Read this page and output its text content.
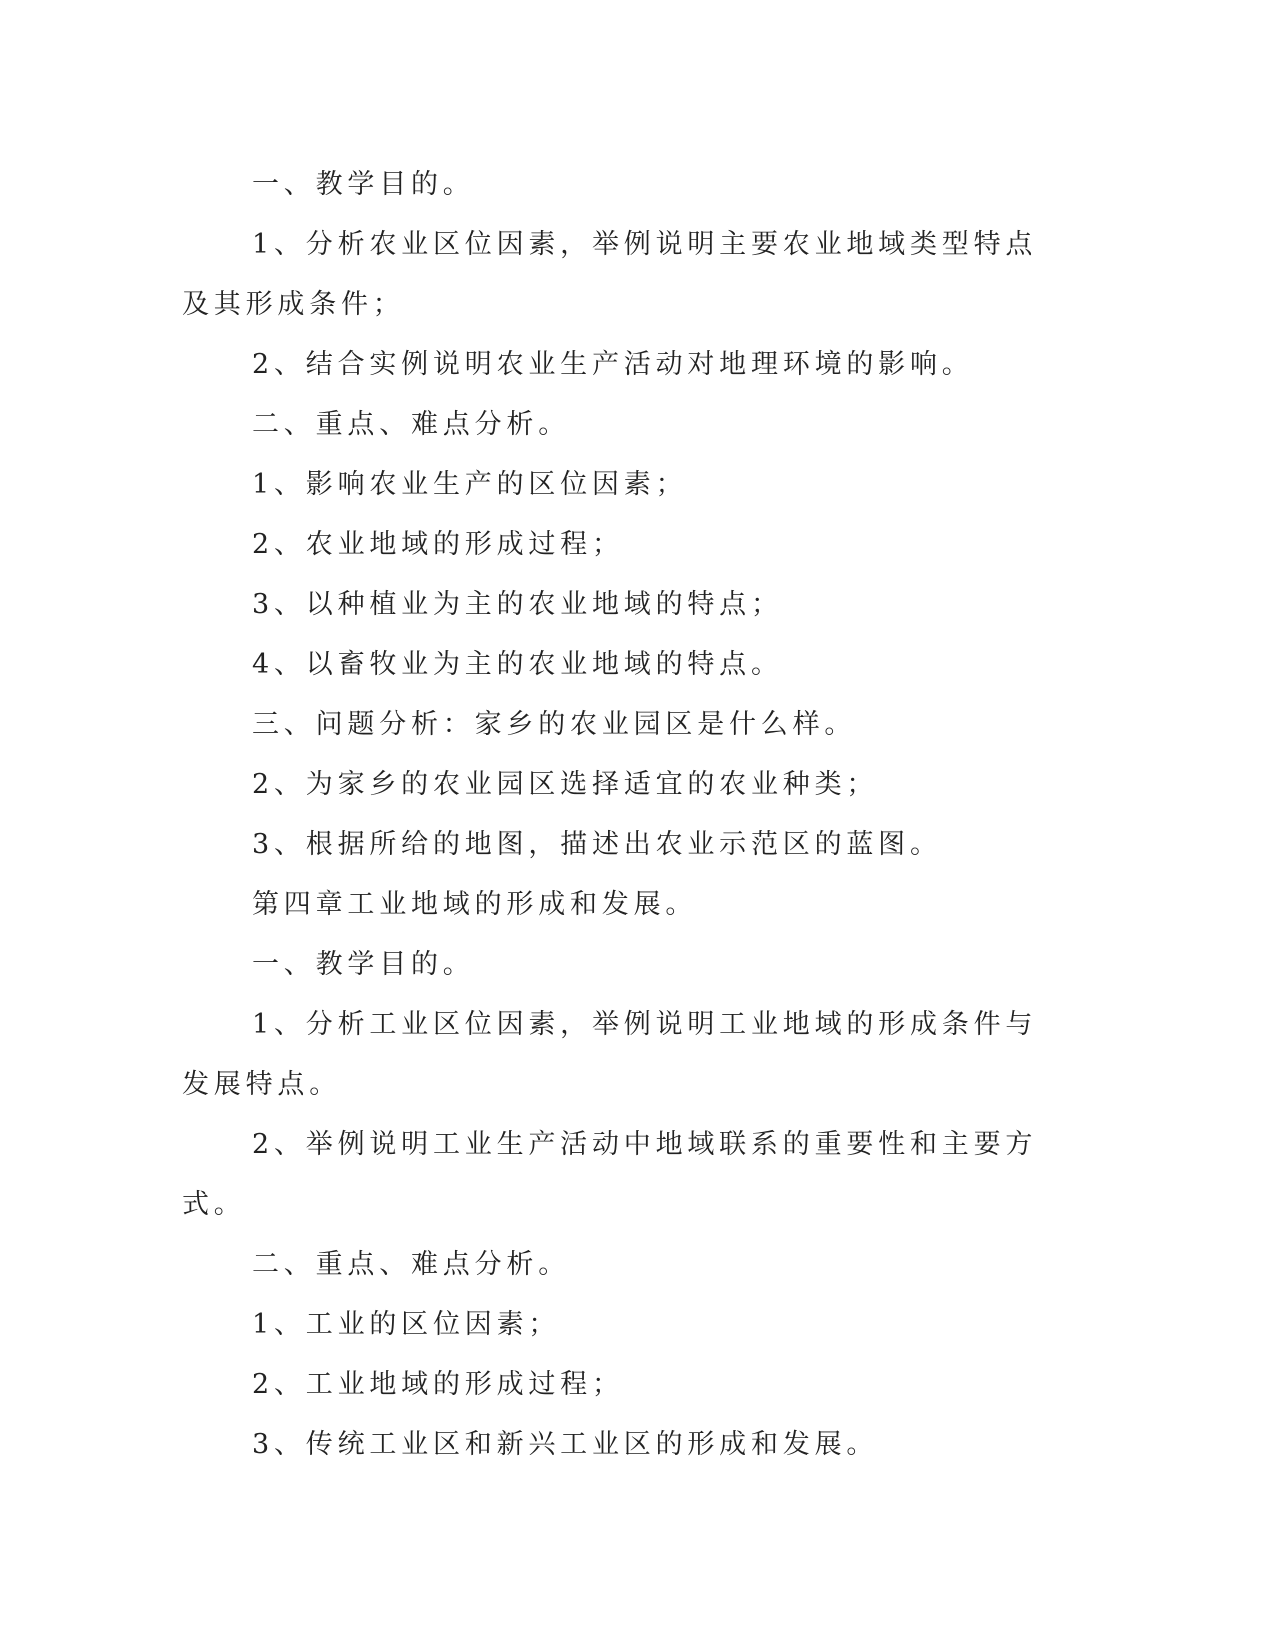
一、教学目的。

1、分析农业区位因素，举例说明主要农业地域类型特点及其形成条件；

2、结合实例说明农业生产活动对地理环境的影响。

二、重点、难点分析。

1、影响农业生产的区位因素；

2、农业地域的形成过程；

3、以种植业为主的农业地域的特点；

4、以畜牧业为主的农业地域的特点。

三、问题分析：家乡的农业园区是什么样。

2、为家乡的农业园区选择适宜的农业种类；

3、根据所给的地图，描述出农业示范区的蓝图。

第四章工业地域的形成和发展。

一、教学目的。

1、分析工业区位因素，举例说明工业地域的形成条件与发展特点。

2、举例说明工业生产活动中地域联系的重要性和主要方式。

二、重点、难点分析。

1、工业的区位因素；

2、工业地域的形成过程；

3、传统工业区和新兴工业区的形成和发展。
